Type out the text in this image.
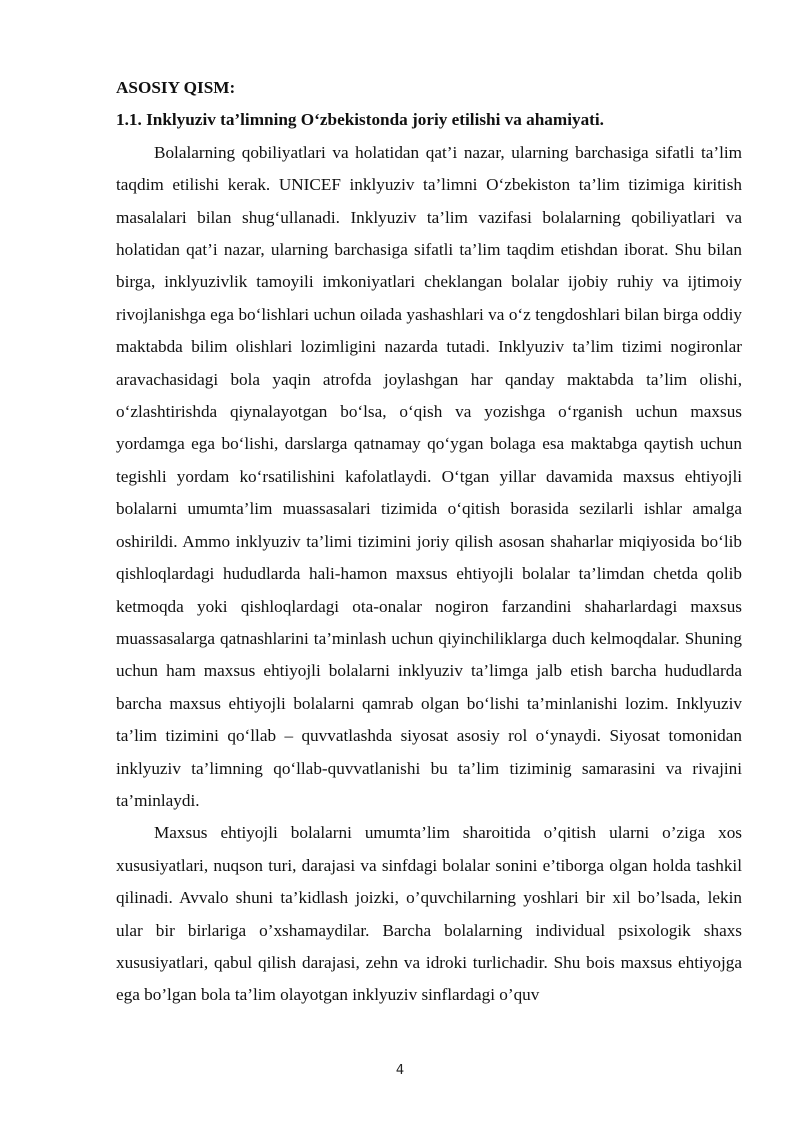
ASOSIY QISM:

1.1. Inklyuziv ta’limning O‘zbekistonda joriy etilishi va ahamiyati.

Bolalarning qobiliyatlari va holatidan qat’i nazar, ularning barchasiga sifatli ta’lim taqdim etilishi kerak. UNICEF inklyuziv ta’limni O‘zbekiston ta’lim tizimiga kiritish masalalari bilan shug‘ullanadi. Inklyuziv ta’lim vazifasi bolalarning qobiliyatlari va holatidan qat’i nazar, ularning barchasiga sifatli ta’lim taqdim etishdan iborat. Shu bilan birga, inklyuzivlik tamoyili imkoniyatlari cheklangan bolalar ijobiy ruhiy va ijtimoiy rivojlanishga ega bo‘lishlari uchun oilada yashashlari va o‘z tengdoshlari bilan birga oddiy maktabda bilim olishlari lozimligini nazarda tutadi. Inklyuziv ta’lim tizimi nogironlar aravachasidagi bola yaqin atrofda joylashgan har qanday maktabda ta’lim olishi, o‘zlashtirishda qiynalayotgan bo‘lsa, o‘qish va yozishga o‘rganish uchun maxsus yordamga ega bo‘lishi, darslarga qatnamay qo‘ygan bolaga esa maktabga qaytish uchun tegishli yordam ko‘rsatilishini kafolatlaydi. O‘tgan yillar davamida maxsus ehtiyojli bolalarni umumta’lim muassasalari tizimida o‘qitish borasida sezilarli ishlar amalga oshirildi. Ammo inklyuziv ta’limi tizimini joriy qilish asosan shaharlar miqiyosida bo‘lib qishloqlardagi hududlarda hali-hamon maxsus ehtiyojli bolalar ta’limdan chetda qolib ketmoqda yoki qishloqlardagi ota-onalar nogiron farzandini shaharlardagi maxsus muassasalarga qatnashlarini ta’minlash uchun qiyinchiliklarga duch kelmoqdalar. Shuning uchun ham maxsus ehtiyojli bolalarni inklyuziv ta’limga jalb etish barcha hududlarda barcha maxsus ehtiyojli bolalarni qamrab olgan bo‘lishi ta’minlanishi lozim. Inklyuziv ta’lim tizimini qo‘llab – quvvatlashda siyosat asosiy rol o‘ynaydi. Siyosat tomonidan inklyuziv ta’limning qo‘llab-quvvatlanishi bu ta’lim tiziminig samarasini va rivajini ta’minlaydi.

Maxsus ehtiyojli bolalarni umumta’lim sharoitida o’qitish ularni o’ziga xos xususiyatlari, nuqson turi, darajasi va sinfdagi bolalar sonini e’tiborga olgan holda tashkil qilinadi. Avvalo shuni ta’kidlash joizki, o’quvchilarning yoshlari bir xil bo’lsada, lekin ular bir birlariga o’xshamaydilar. Barcha bolalarning individual psixologik shaxs xususiyatlari, qabul qilish darajasi, zehn va idroki turlichadir. Shu bois maxsus ehtiyojga ega bo’lgan bola ta’lim olayotgan inklyuziv sinflardagi o’quv

4
